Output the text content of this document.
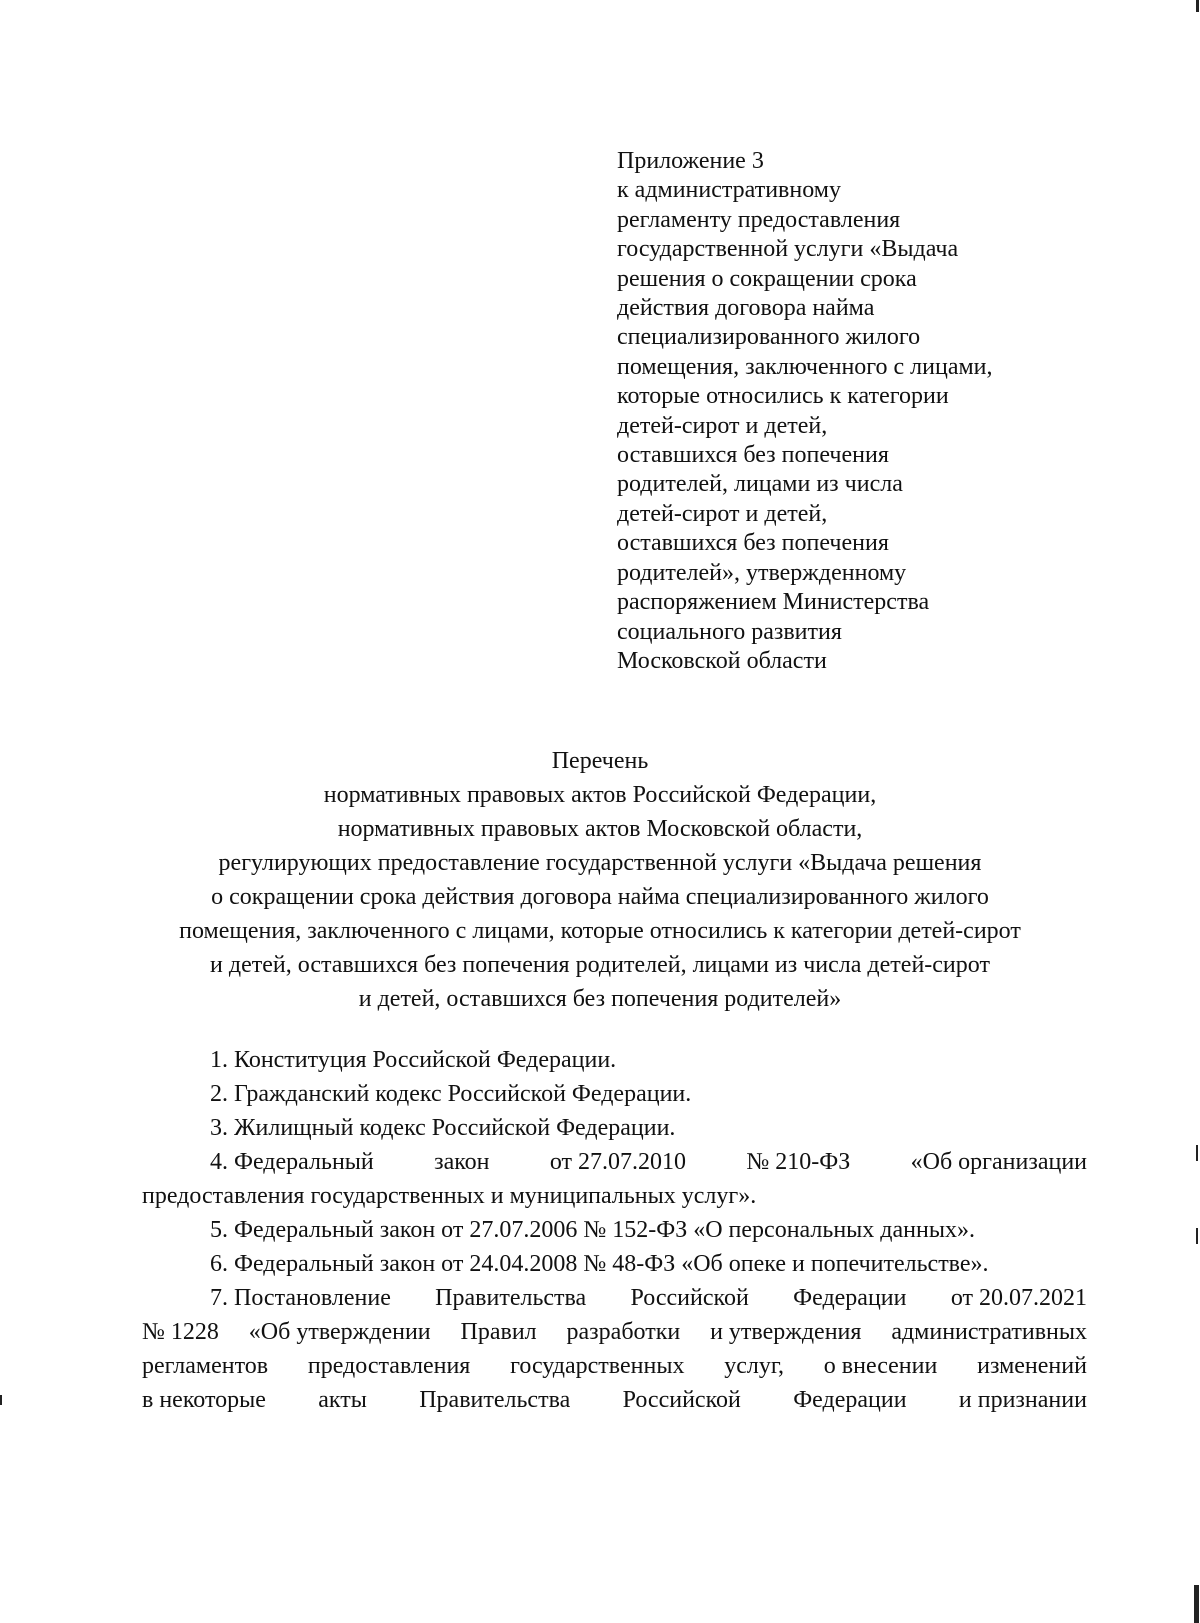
Приложение 3
к административному
регламенту предоставления
государственной услуги «Выдача
решения о сокращении срока
действия договора найма
специализированного жилого
помещения, заключенного с лицами,
которые относились к категории
детей-сирот и детей,
оставшихся без попечения
родителей, лицами из числа
детей-сирот и детей,
оставшихся без попечения
родителей», утвержденному
распоряжением Министерства
социального развития
Московской области
Перечень
нормативных правовых актов Российской Федерации,
нормативных правовых актов Московской области,
регулирующих предоставление государственной услуги «Выдача решения
о сокращении срока действия договора найма специализированного жилого
помещения, заключенного с лицами, которые относились к категории детей-сирот
и детей, оставшихся без попечения родителей, лицами из числа детей-сирот
и детей, оставшихся без попечения родителей»
1. Конституция Российской Федерации.
2. Гражданский кодекс Российской Федерации.
3. Жилищный кодекс Российской Федерации.
4. Федеральный	закон	от 27.07.2010	№ 210-ФЗ	«Об организации
предоставления государственных и муниципальных услуг».
5. Федеральный закон от 27.07.2006 № 152-ФЗ «О персональных данных».
6. Федеральный закон от 24.04.2008 № 48-ФЗ «Об опеке и попечительстве».
7. Постановление Правительства Российской Федерации от 20.07.2021
№ 1228 «Об утверждении Правил разработки и утверждения административных
регламентов предоставления государственных услуг, о внесении изменений
в некоторые акты Правительства Российской Федерации и признании
